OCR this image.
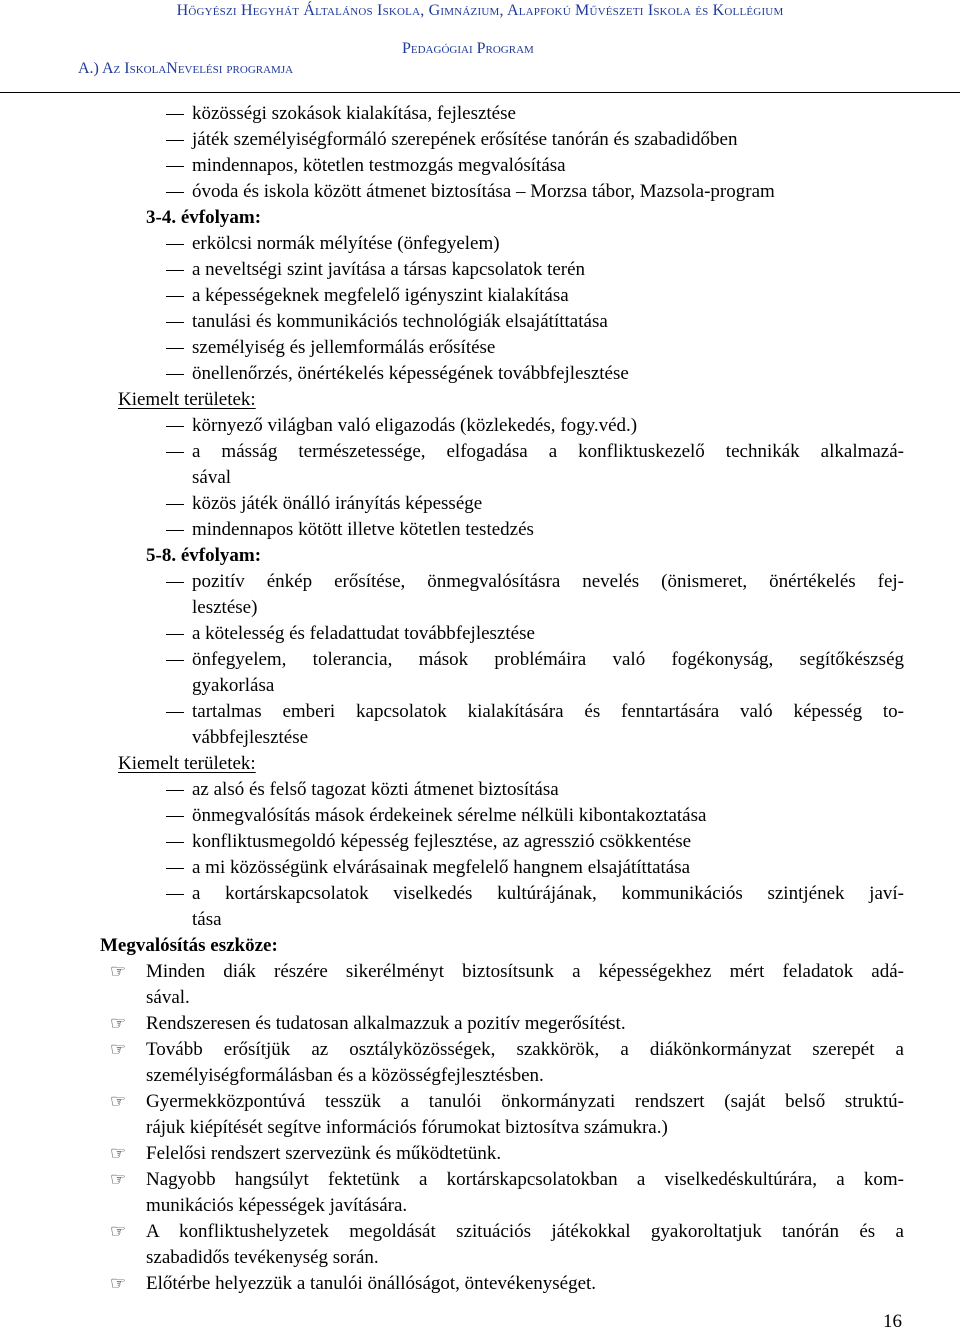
Hőgyészi Hegyhát Általános Iskola, Gimnázium, Alapfokú Művészeti Iskola és Kollégium
Pedagógiai Program
A.) Az IskolaNevelési programja
közösségi szokások kialakítása, fejlesztése
játék személyiségformáló szerepének erősítése tanórán és szabadidőben
mindennapos, kötetlen testmozgás megvalósítása
óvoda és iskola között átmenet biztosítása – Morzsa tábor, Mazsola-program
3-4. évfolyam:
erkölcsi normák mélyítése (önfegyelem)
a neveltségi szint javítása a társas kapcsolatok terén
a képességeknek megfelelő igényszint kialakítása
tanulási és kommunikációs technológiák elsajátíttatása
személyiség és jellemformálás erősítése
önellenőrzés, önértékelés képességének továbbfejlesztése
Kiemelt területek:
környező világban való eligazodás (közlekedés, fogy.véd.)
a másság természetessége, elfogadása a konfliktuskezelő technikák alkalmazá-
sával
közös játék önálló irányítás képessége
mindennapos kötött illetve kötetlen testedzés
5-8. évfolyam:
pozitív énkép erősítése, önmegvalósításra nevelés (önismeret, önértékelés fej-
lesztése)
a kötelesség és feladattudat továbbfejlesztése
önfegyelem, tolerancia, mások problémáira való fogékonyság, segítőkészség
gyakorlása
tartalmas emberi kapcsolatok kialakítására és fenntartására való képesség to-
vábbfejlesztése
Kiemelt területek:
az alsó és felső tagozat közti átmenet biztosítása
önmegvalósítás mások érdekeinek sérelme nélküli kibontakoztatása
konfliktusmegoldó képesség fejlesztése, az agresszió csökkentése
a mi közösségünk elvárásainak megfelelő hangnem elsajátíttatása
a kortárskapcsolatok viselkedés kultúrájának, kommunikációs szintjének javí-
tása
Megvalósítás eszköze:
☞ Minden diák részére sikerélményt biztosítsunk a képességekhez mért feladatok adá-
sával.
☞ Rendszeresen és tudatosan alkalmazzuk a pozitív megerősítést.
☞ Tovább erősítjük az osztályközösségek, szakkörök, a diákönkormányzat szerepét a
személyiségformálásban és a közösségfejlesztésben.
☞ Gyermekközpontúvá tesszük a tanulói önkormányzati rendszert (saját belső struktú-
rájuk kiépítését segítve információs fórumokat biztosítva számukra.)
☞ Felelősi rendszert szervezünk és működtetünk.
☞ Nagyobb hangsúlyt fektetünk a kortárskapcsolatokban a viselkedéskultúrára, a kom-
munikációs képességek javítására.
☞ A konfliktushelyzetek megoldását szituációs játékokkal gyakoroltatjuk tanórán és a
szabadidős tevékenység során.
☞ Előtérbe helyezzük a tanulói önállóságot, öntevékenységet.
16
